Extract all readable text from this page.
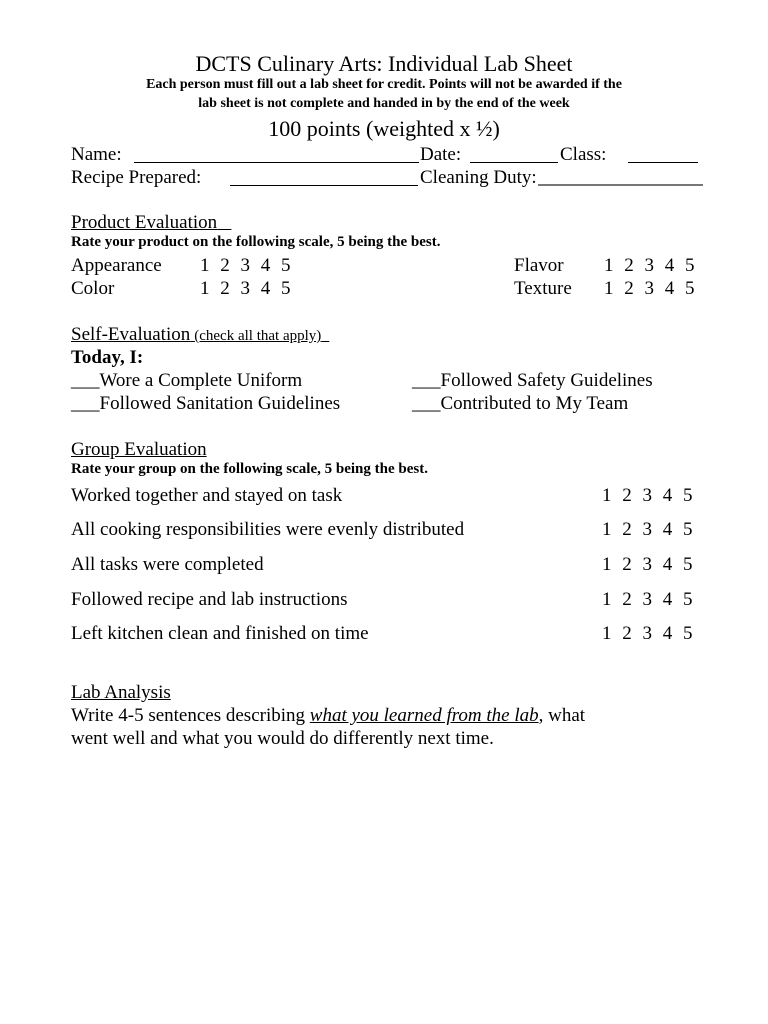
DCTS Culinary Arts: Individual Lab Sheet
Each person must fill out a lab sheet for credit. Points will not be awarded if the
lab sheet is not complete and handed in by the end of the week
100 points (weighted x ½)
Name:	Date:	Class:
Recipe Prepared:	Cleaning Duty:
Product Evaluation
Rate your product on the following scale, 5 being the best.
Appearance 1 2 3 4 5	Flavor 1 2 3 4 5
Color	1 2 3 4 5	Texture 1 2 3 4 5
Self-Evaluation (check all that apply)
Today, I:
___Wore a Complete Uniform	___Followed Safety Guidelines
___Followed Sanitation Guidelines	___Contributed to My Team
Group Evaluation
Rate your group on the following scale, 5 being the best.
Worked together and stayed on task	1 2 3 4 5
All cooking responsibilities were evenly distributed	1 2 3 4 5
All tasks were completed	1 2 3 4 5
Followed recipe and lab instructions	1 2 3 4 5
Left kitchen clean and finished on time	1 2 3 4 5
Lab Analysis
Write 4-5 sentences describing what you learned from the lab, what
went well and what you would do differently next time.
